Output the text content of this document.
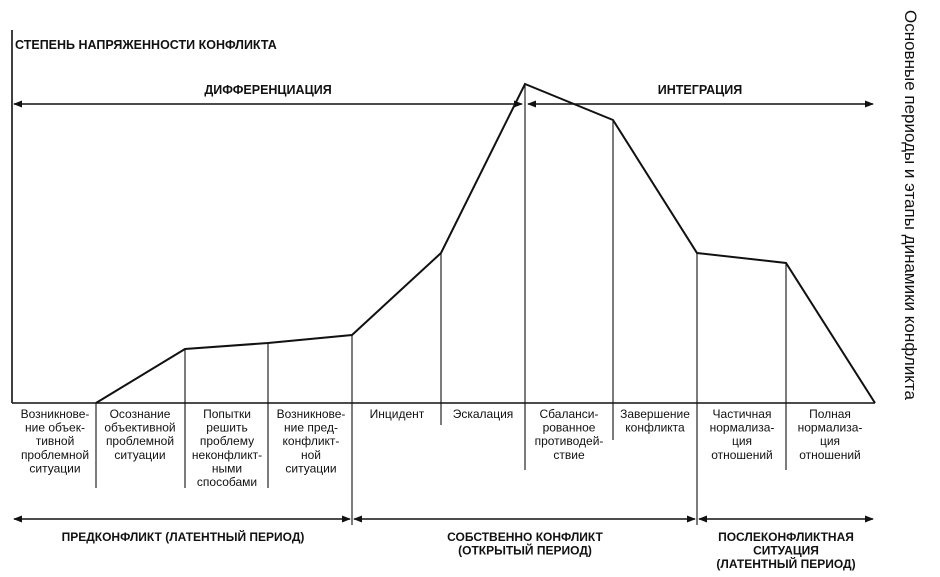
СТЕПЕНЬ НАПРЯЖЕННОСТИ КОНФЛИКТА
ДИФФЕРЕНЦИАЦИЯ	ИНТЕГРАЦИЯ
Возникнове-ние объек-тивной проблемной ситуации
Осознание объективной проблемной ситуации
Попытки решить проблему неконфликт-ными способами
Возникнове-ние пред-конфликт-ной ситуации
Инцидент Эскалация	Сбаланси-рованное противодей-ствие
Завершение конфликта
Частичная нормализа-ция отношений
Полная нормализа-ция отношений
ПРЕДКОНФЛИКТ (ЛАТЕНТНЫЙ ПЕРИОД)	СОБСТВЕННО КОНФЛИКТ (ОТКРЫТЫЙ ПЕРИОД)
ПОСЛЕКОНФЛИКТНАЯ СИТУАЦИЯ (ЛАТЕНТНЫЙ ПЕРИОД)
Основные периоды и этапы динамики конфликта
